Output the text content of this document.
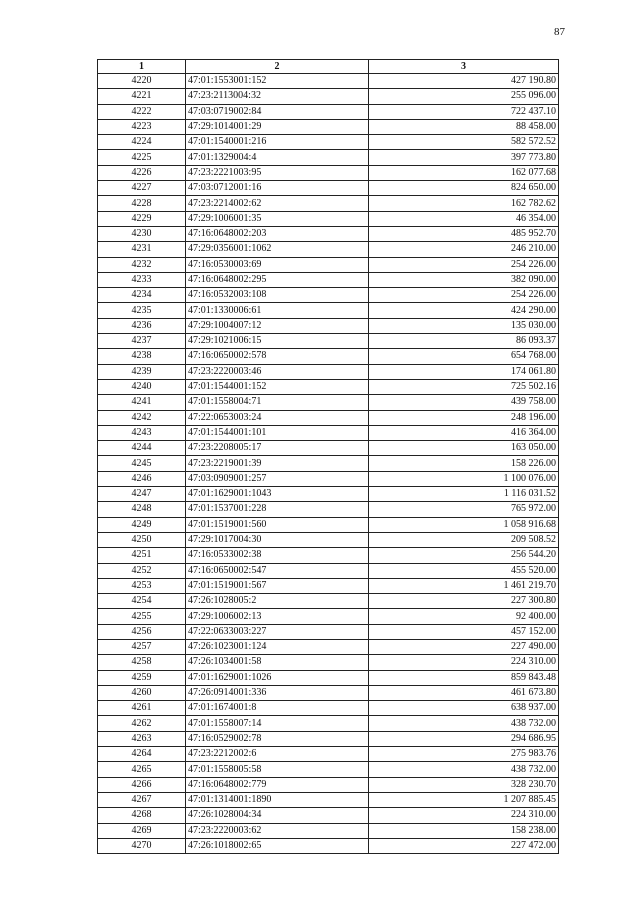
87
1	2	3
4220	47:01:1553001:152	427 190.80
4221	47:23:2113004:32	255 096.00
4222	47:03:0719002:84	722 437.10
4223	47:29:1014001:29	88 458.00
4224	47:01:1540001:216	582 572.52
4225	47:01:1329004:4	397 773.80
4226	47:23:2221003:95	162 077.68
4227	47:03:0712001:16	824 650.00
4228	47:23:2214002:62	162 782.62
4229	47:29:1006001:35	46 354.00
4230	47:16:0648002:203	485 952.70
4231	47:29:0356001:1062	246 210.00
4232	47:16:0530003:69	254 226.00
4233	47:16:0648002:295	382 090.00
4234	47:16:0532003:108	254 226.00
4235	47:01:1330006:61	424 290.00
4236	47:29:1004007:12	135 030.00
4237	47:29:1021006:15	86 093.37
4238	47:16:0650002:578	654 768.00
4239	47:23:2220003:46	174 061.80
4240	47:01:1544001:152	725 502.16
4241	47:01:1558004:71	439 758.00
4242	47:22:0653003:24	248 196.00
4243	47:01:1544001:101	416 364.00
4244	47:23:2208005:17	163 050.00
4245	47:23:2219001:39	158 226.00
4246	47:03:0909001:257	1 100 076.00
4247	47:01:1629001:1043	1 116 031.52
4248	47:01:1537001:228	765 972.00
4249	47:01:1519001:560	1 058 916.68
4250	47:29:1017004:30	209 508.52
4251	47:16:0533002:38	256 544.20
4252	47:16:0650002:547	455 520.00
4253	47:01:1519001:567	1 461 219.70
4254	47:26:1028005:2	227 300.80
4255	47:29:1006002:13	92 400.00
4256	47:22:0633003:227	457 152.00
4257	47:26:1023001:124	227 490.00
4258	47:26:1034001:58	224 310.00
4259	47:01:1629001:1026	859 843.48
4260	47:26:0914001:336	461 673.80
4261	47:01:1674001:8	638 937.00
4262	47:01:1558007:14	438 732.00
4263	47:16:0529002:78	294 686.95
4264	47:23:2212002:6	275 983.76
4265	47:01:1558005:58	438 732.00
4266	47:16:0648002:779	328 230.70
4267	47:01:1314001:1890	1 207 885.45
4268	47:26:1028004:34	224 310.00
4269	47:23:2220003:62	158 238.00
4270	47:26:1018002:65	227 472.00
